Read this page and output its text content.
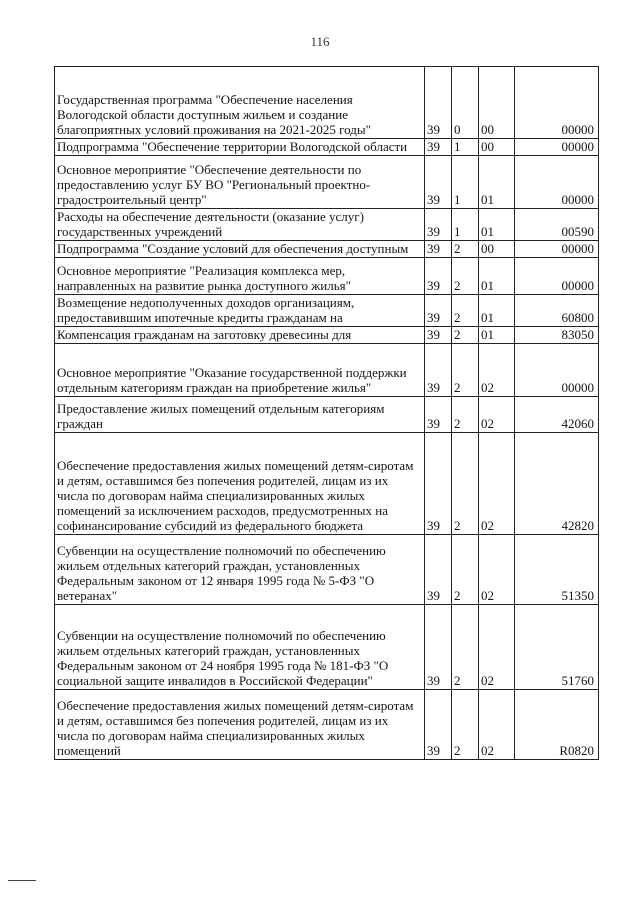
116
Государственная программа "Обеспечение населения Вологодской области доступным жильем и создание благоприятных условий проживания на 2021-2025 годы"	39	0	00	00000
Подпрограмма "Обеспечение территории Вологодской области	39	1	00	00000
Основное мероприятие "Обеспечение деятельности по предоставлению услуг БУ ВО "Региональный проектно-градостроительный центр"	39	1	01	00000
Расходы на обеспечение деятельности (оказание услуг) государственных учреждений	39	1	01	00590
Подпрограмма "Создание условий для обеспечения доступным	39	2	00	00000
Основное мероприятие "Реализация комплекса мер, направленных на развитие рынка доступного жилья"	39	2	01	00000
Возмещение недополученных доходов организациям, предоставившим ипотечные кредиты гражданам на	39	2	01	60800
Компенсация гражданам на заготовку древесины для	39	2	01	83050
Основное мероприятие "Оказание государственной поддержки отдельным категориям граждан на приобретение жилья"	39	2	02	00000
Предоставление жилых помещений отдельным категориям граждан	39	2	02	42060
Обеспечение предоставления жилых помещений детям-сиротам и детям, оставшимся без попечения родителей, лицам из их числа по договорам найма специализированных жилых помещений за исключением расходов, предусмотренных на софинансирование субсидий из федерального бюджета	39	2	02	42820
Субвенции на осуществление полномочий по обеспечению жильем отдельных категорий граждан, установленных Федеральным законом от 12 января 1995 года № 5-ФЗ "О ветеранах"	39	2	02	51350
Субвенции на осуществление полномочий по обеспечению жильем отдельных категорий граждан, установленных Федеральным законом от 24 ноября 1995 года № 181-ФЗ "О социальной защите инвалидов в Российской Федерации"	39	2	02	51760
Обеспечение предоставления жилых помещений детям-сиротам и детям, оставшимся без попечения родителей, лицам из их числа по договорам найма специализированных жилых помещений	39	2	02	R0820
